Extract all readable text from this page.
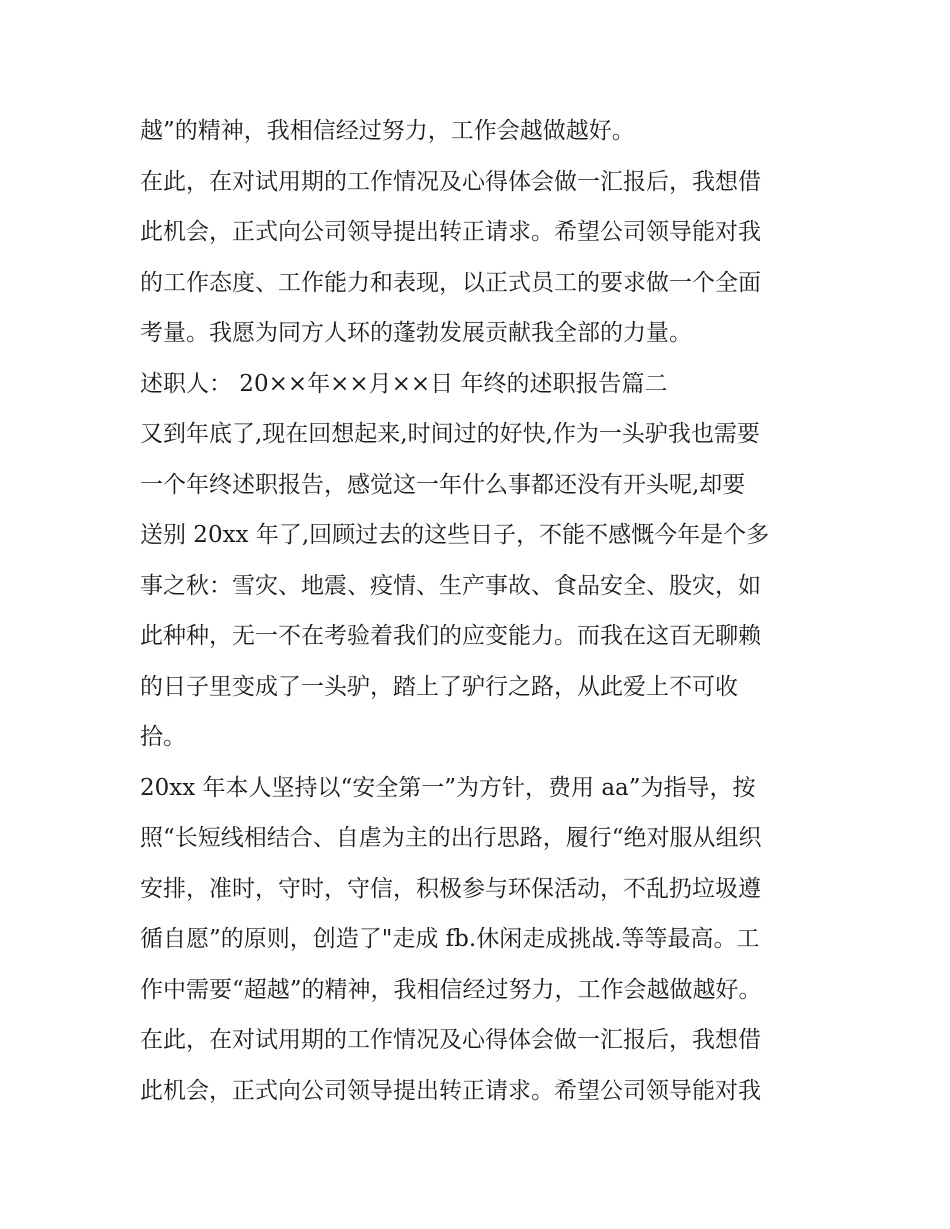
越”的精神，我相信经过努力，工作会越做越好。
在此，在对试用期的工作情况及心得体会做一汇报后，我想借
此机会，正式向公司领导提出转正请求。希望公司领导能对我
的工作态度、工作能力和表现，以正式员工的要求做一个全面
考量。我愿为同方人环的蓬勃发展贡献我全部的力量。
述职人： 20××年××月××日 年终的述职报告篇二
又到年底了,现在回想起来,时间过的好快,作为一头驴我也需要
一个年终述职报告，感觉这一年什么事都还没有开头呢,却要
送别 20xx 年了,回顾过去的这些日子，不能不感慨今年是个多
事之秋：雪灾、地震、疫情、生产事故、食品安全、股灾，如
此种种，无一不在考验着我们的应变能力。而我在这百无聊赖
的日子里变成了一头驴，踏上了驴行之路，从此爱上不可收
拾。
20xx 年本人坚持以“安全第一”为方针，费用 aa”为指导，按
照“长短线相结合、自虐为主的出行思路，履行“绝对服从组织
安排，准时，守时，守信，积极参与环保活动，不乱扔垃圾遵
循自愿”的原则，创造了"走成 fb.休闲走成挑战.等等最高。工
作中需要“超越”的精神，我相信经过努力，工作会越做越好。
在此，在对试用期的工作情况及心得体会做一汇报后，我想借
此机会，正式向公司领导提出转正请求。希望公司领导能对我
